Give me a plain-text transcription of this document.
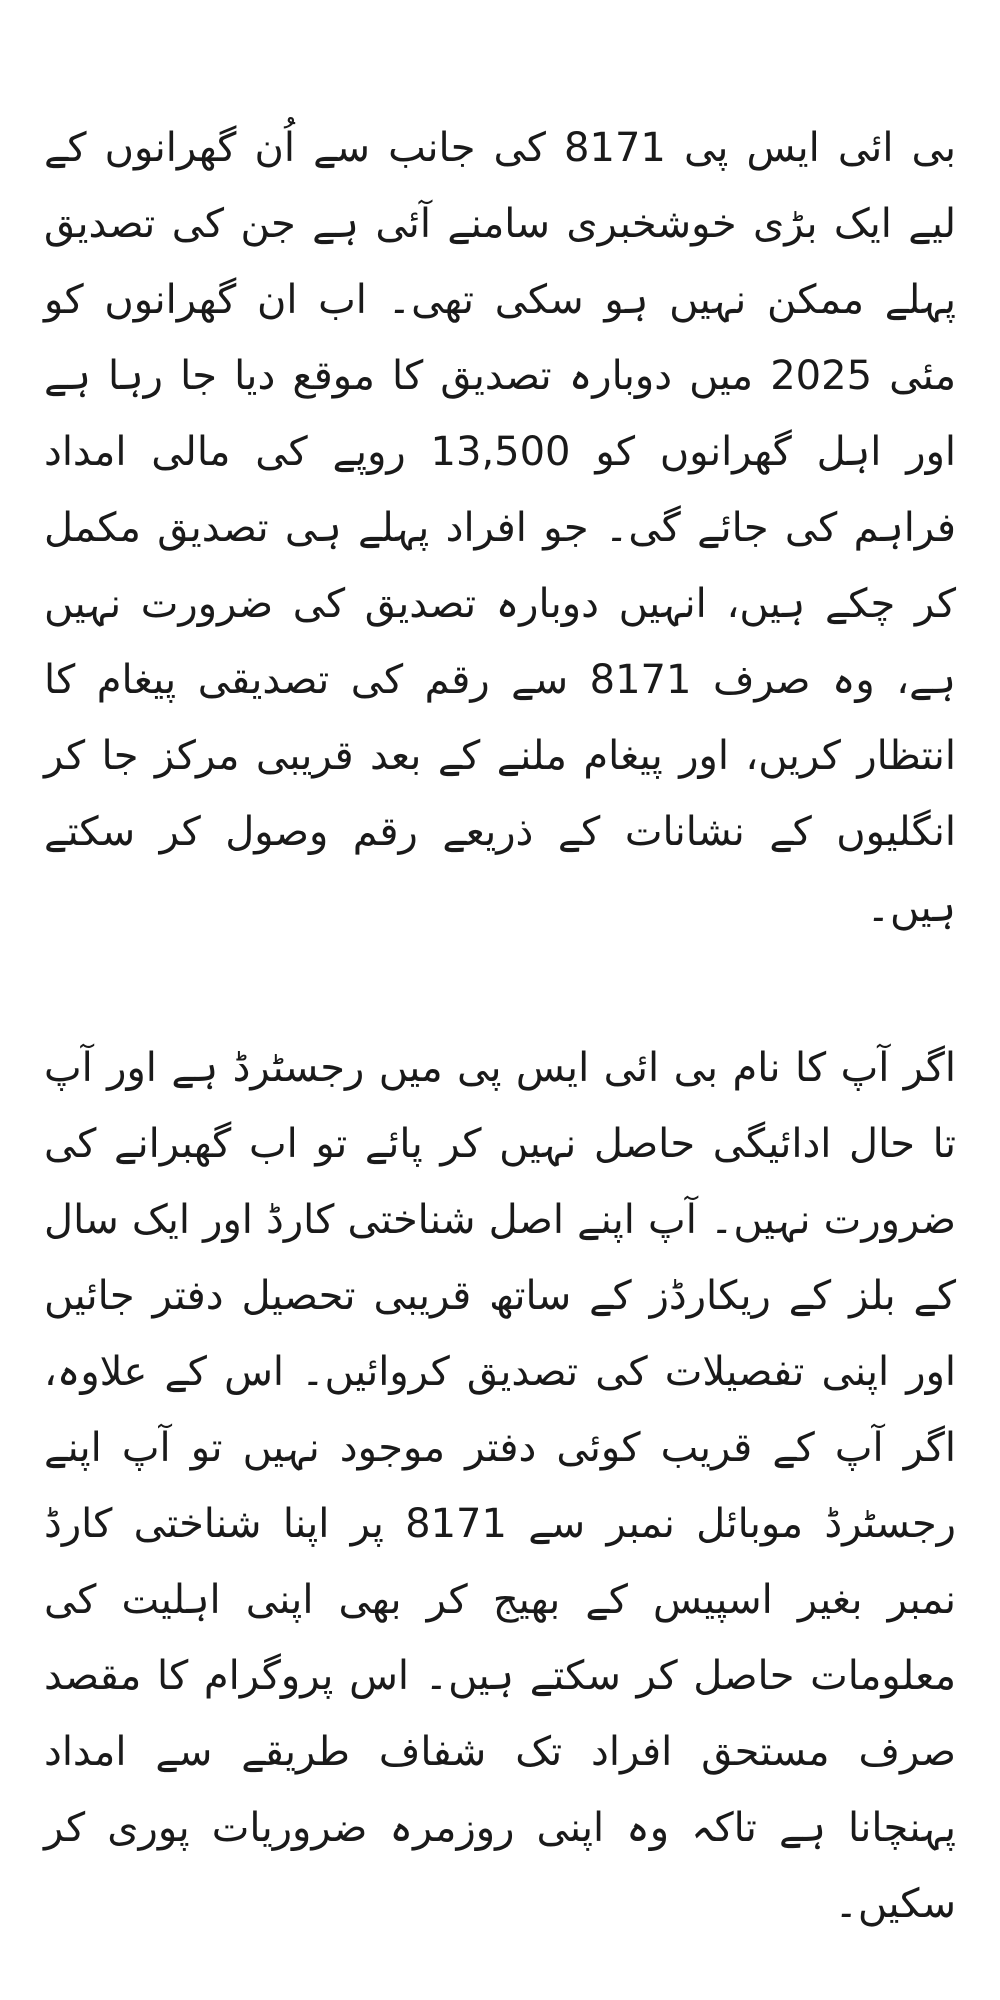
بی ائی ایس پی 8171 کی جانب سے اُن گھرانوں کے لیے ایک بڑی خوشخبری سامنے آئی ہے جن کی تصدیق پہلے ممکن نہیں ہو سکی تھی۔ اب ان گھرانوں کو مئی 2025 میں دوبارہ تصدیق کا موقع دیا جا رہا ہے اور اہل گھرانوں کو 13,500 روپے کی مالی امداد فراہم کی جائے گی۔ جو افراد پہلے ہی تصدیق مکمل کر چکے ہیں، انہیں دوبارہ تصدیق کی ضرورت نہیں ہے، وہ صرف 8171 سے رقم کی تصدیقی پیغام کا انتظار کریں، اور پیغام ملنے کے بعد قریبی مرکز جا کر انگلیوں کے نشانات کے ذریعے رقم وصول کر سکتے ہیں۔

اگر آپ کا نام بی ائی ایس پی میں رجسٹرڈ ہے اور آپ تا حال ادائیگی حاصل نہیں کر پائے تو اب گھبرانے کی ضرورت نہیں۔ آپ اپنے اصل شناختی کارڈ اور ایک سال کے بلز کے ریکارڈز کے ساتھ قریبی تحصیل دفتر جائیں اور اپنی تفصیلات کی تصدیق کروائیں۔ اس کے علاوہ، اگر آپ کے قریب کوئی دفتر موجود نہیں تو آپ اپنے رجسٹرڈ موبائل نمبر سے 8171 پر اپنا شناختی کارڈ نمبر بغیر اسپیس کے بھیج کر بھی اپنی اہلیت کی معلومات حاصل کر سکتے ہیں۔ اس پروگرام کا مقصد صرف مستحق افراد تک شفاف طریقے سے امداد پہنچانا ہے تاکہ وہ اپنی روزمرہ ضروریات پوری کر سکیں۔
